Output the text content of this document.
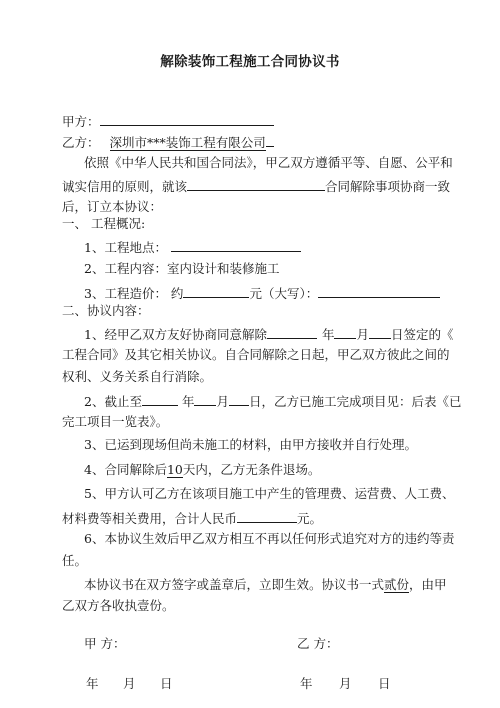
解除装饰工程施工合同协议书
甲方：
乙方： 深圳市***装饰工程有限公司
依照《中华人民共和国合同法》，甲乙双方遵循平等、自愿、公平和
诚实信用的原则，就该	合同解除事项协商一致
后，订立本协议：
一、 工程概况:
1、工程地点：
2、工程内容：室内设计和装修施工
3、工程造价： 约	元（大写）：
二、协议内容：
1、经甲乙双方友好协商同意解除	年 月 日签定的《
工程合同》及其它相关协议。自合同解除之日起，甲乙双方彼此之间的
权利、义务关系自行消除。
2、截止至	年 月 日，乙方已施工完成项目见：后表《已
完工项目一览表》。
3、已运到现场但尚未施工的材料，由甲方接收并自行处理。
4、合同解除后10天内，乙方无条件退场。
5、甲方认可乙方在该项目施工中产生的管理费、运营费、人工费、
材料费等相关费用，合计人民币	元。
6、本协议生效后甲乙双方相互不再以任何形式追究对方的违约等责
任。
本协议书在双方签字或盖章后，立即生效。协议书一式贰份，由甲
乙双方各收执壹份。
甲 方：	乙 方：
年 月 日	年 月 日
